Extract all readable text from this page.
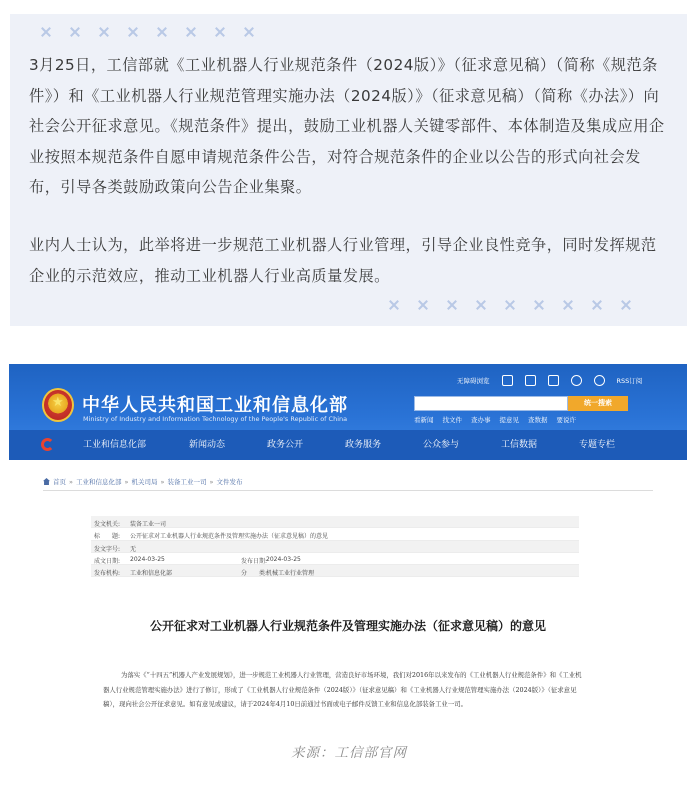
3月25日，工信部就《工业机器人行业规范条件（2024版）》（征求意见稿）（简称《规范条件》）和《工业机器人行业规范管理实施办法（2024版）》（征求意见稿）（简称《办法》）向社会公开征求意见。《规范条件》提出，鼓励工业机器人关键零部件、本体制造及集成应用企业按照本规范条件自愿申请规范条件公告，对符合规范条件的企业以公告的形式向社会发布，引导各类鼓励政策向公告企业集聚。
业内人士认为，此举将进一步规范工业机器人行业管理，引导企业良性竞争，同时发挥规范企业的示范效应，推动工业机器人行业高质量发展。
★
中华人民共和国工业和信息化部
Ministry of Industry and Information Technology of the People's Republic of China
无障碍浏览	RSS订阅
统一搜索
看新闻 找文件 查办事 提意见 查数据 要说许
工业和信息化部	新闻动态	政务公开	政务服务	公众参与	工信数据	专题专栏
首页 » 工业和信息化部 » 机关司局 » 装备工业一司 » 文件发布
发文机关: 装备工业一司
标　　题: 公开征求对工业机器人行业规范条件及管理实施办法（征求意见稿）的意见
发文字号: 无
成文日期: 2024-03-25	发布日期:
2024-03-25
发布机构: 工业和信息化部	分　　类:
机械工业行业管理
公开征求对工业机器人行业规范条件及管理实施办法（征求意见稿）的意见

为落实《“十四五”机器人产业发展规划》，进一步规范工业机器人行业管理，营造良好市场环境，我们对2016年以来发布的《工业机器人行业规范条件》和《工业机器人行业规范管理实施办法》进行了修订，形成了《工业机器人行业规范条件（2024版）》（征求意见稿）和《工业机器人行业规范管理实施办法（2024版）》（征求意见稿），现向社会公开征求意见。如有意见或建议，请于2024年4月10日前通过书面或电子邮件反馈工业和信息化部装备工业一司。

来源：工信部官网
